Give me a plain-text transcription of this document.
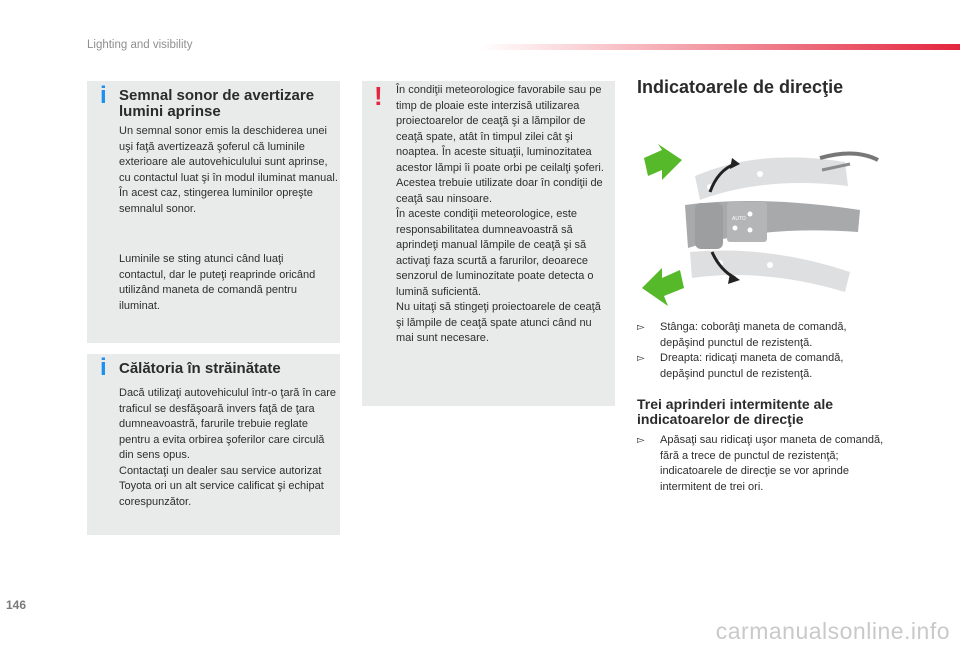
Lighting and visibility
i Semnal sonor de avertizare lumini aprinse
Un semnal sonor emis la deschiderea unei uşi faţă avertizează şoferul că luminile exterioare ale autovehiculului sunt aprinse, cu contactul luat şi în modul iluminat manual.
În acest caz, stingerea luminilor opreşte semnalul sonor.
Luminile se sting atunci când luaţi contactul, dar le puteţi reaprinde oricând utilizând maneta de comandă pentru iluminat.
i Călătoria în străinătate
Dacă utilizaţi autovehiculul într-o ţară în care traficul se desfăşoară invers faţă de ţara dumneavoastră, farurile trebuie reglate pentru a evita orbirea şoferilor care circulă din sens opus.
Contactaţi un dealer sau service autorizat Toyota ori un alt service calificat şi echipat corespunzător.
! În condiţii meteorologice favorabile sau pe timp de ploaie este interzisă utilizarea proiectoarelor de ceaţă şi a lămpilor de ceaţă spate, atât în timpul zilei cât şi noaptea. În aceste situaţii, luminozitatea acestor lămpi îi poate orbi pe ceilalţi şoferi. Acestea trebuie utilizate doar în condiţii de ceaţă sau ninsoare.
În aceste condiţii meteorologice, este responsabilitatea dumneavoastră să aprindeţi manual lămpile de ceaţă şi să activaţi faza scurtă a farurilor, deoarece senzorul de luminozitate poate detecta o lumină suficientă.
Nu uitaţi să stingeţi proiectoarele de ceaţă şi lămpile de ceaţă spate atunci când nu mai sunt necesare.
Indicatoarele de direcţie
AUTO
▻ Stânga: coborâţi maneta de comandă, depăşind punctul de rezistenţă.
▻ Dreapta: ridicaţi maneta de comandă, depăşind punctul de rezistenţă.
Trei aprinderi intermitente ale indicatoarelor de direcţie
▻ Apăsaţi sau ridicaţi uşor maneta de comandă, fără a trece de punctul de rezistenţă; indicatoarele de direcţie se vor aprinde intermitent de trei ori.
146
carmanualsonline.info
